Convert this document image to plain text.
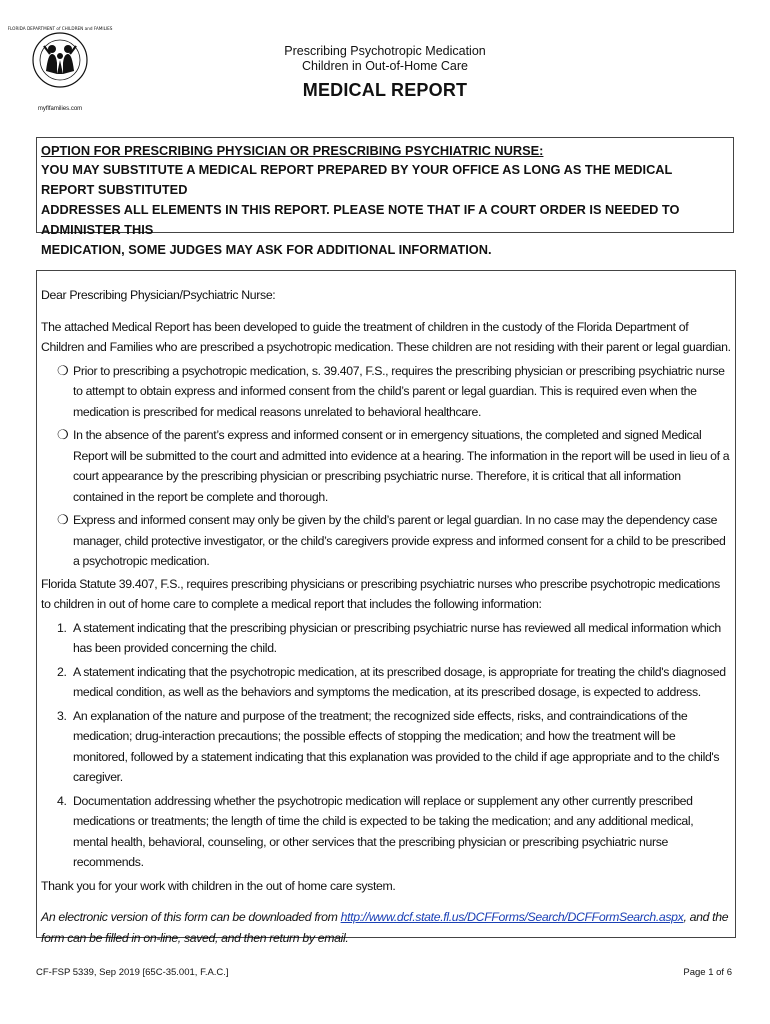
FLORIDA DEPARTMENT of CHILDREN and FAMILIES
myflfamilies.com
Prescribing Psychotropic Medication
Children in Out-of-Home Care
MEDICAL REPORT
OPTION FOR PRESCRIBING PHYSICIAN OR PRESCRIBING PSYCHIATRIC NURSE:
YOU MAY SUBSTITUTE A MEDICAL REPORT PREPARED BY YOUR OFFICE AS LONG AS THE MEDICAL REPORT SUBSTITUTED
ADDRESSES ALL ELEMENTS IN THIS REPORT. PLEASE NOTE THAT IF A COURT ORDER IS NEEDED TO ADMINISTER THIS
MEDICATION, SOME JUDGES MAY ASK FOR ADDITIONAL INFORMATION.

Dear Prescribing Physician/Psychiatric Nurse:

The attached Medical Report has been developed to guide the treatment of children in the custody of the Florida Department of Children and Families who are prescribed a psychotropic medication. These children are not residing with their parent or legal guardian.

❍ Prior to prescribing a psychotropic medication, s. 39.407, F.S., requires the prescribing physician or prescribing psychiatric nurse to attempt to obtain express and informed consent from the child’s parent or legal guardian. This is required even when the medication is prescribed for medical reasons unrelated to behavioral healthcare.
❍ In the absence of the parent’s express and informed consent or in emergency situations, the completed and signed Medical Report will be submitted to the court and admitted into evidence at a hearing. The information in the report will be used in lieu of a court appearance by the prescribing physician or prescribing psychiatric nurse. Therefore, it is critical that all information contained in the report be complete and thorough.
❍ Express and informed consent may only be given by the child’s parent or legal guardian. In no case may the dependency case manager, child protective investigator, or the child’s caregivers provide express and informed consent for a child to be prescribed a psychotropic medication.

Florida Statute 39.407, F.S., requires prescribing physicians or prescribing psychiatric nurses who prescribe psychotropic medications to children in out of home care to complete a medical report that includes the following information:

1. A statement indicating that the prescribing physician or prescribing psychiatric nurse has reviewed all medical information which has been provided concerning the child.
2. A statement indicating that the psychotropic medication, at its prescribed dosage, is appropriate for treating the child's diagnosed medical condition, as well as the behaviors and symptoms the medication, at its prescribed dosage, is expected to address.
3. An explanation of the nature and purpose of the treatment; the recognized side effects, risks, and contraindications of the medication; drug-interaction precautions; the possible effects of stopping the medication; and how the treatment will be monitored, followed by a statement indicating that this explanation was provided to the child if age appropriate and to the child's caregiver.
4. Documentation addressing whether the psychotropic medication will replace or supplement any other currently prescribed medications or treatments; the length of time the child is expected to be taking the medication; and any additional medical, mental health, behavioral, counseling, or other services that the prescribing physician or prescribing psychiatric nurse recommends.

Thank you for your work with children in the out of home care system.

An electronic version of this form can be downloaded from http://www.dcf.state.fl.us/DCFForms/Search/DCFFormSearch.aspx, and the form can be filled in on-line, saved, and then return by email.

CF-FSP 5339, Sep 2019 [65C-35.001, F.A.C.]	Page 1 of 6
